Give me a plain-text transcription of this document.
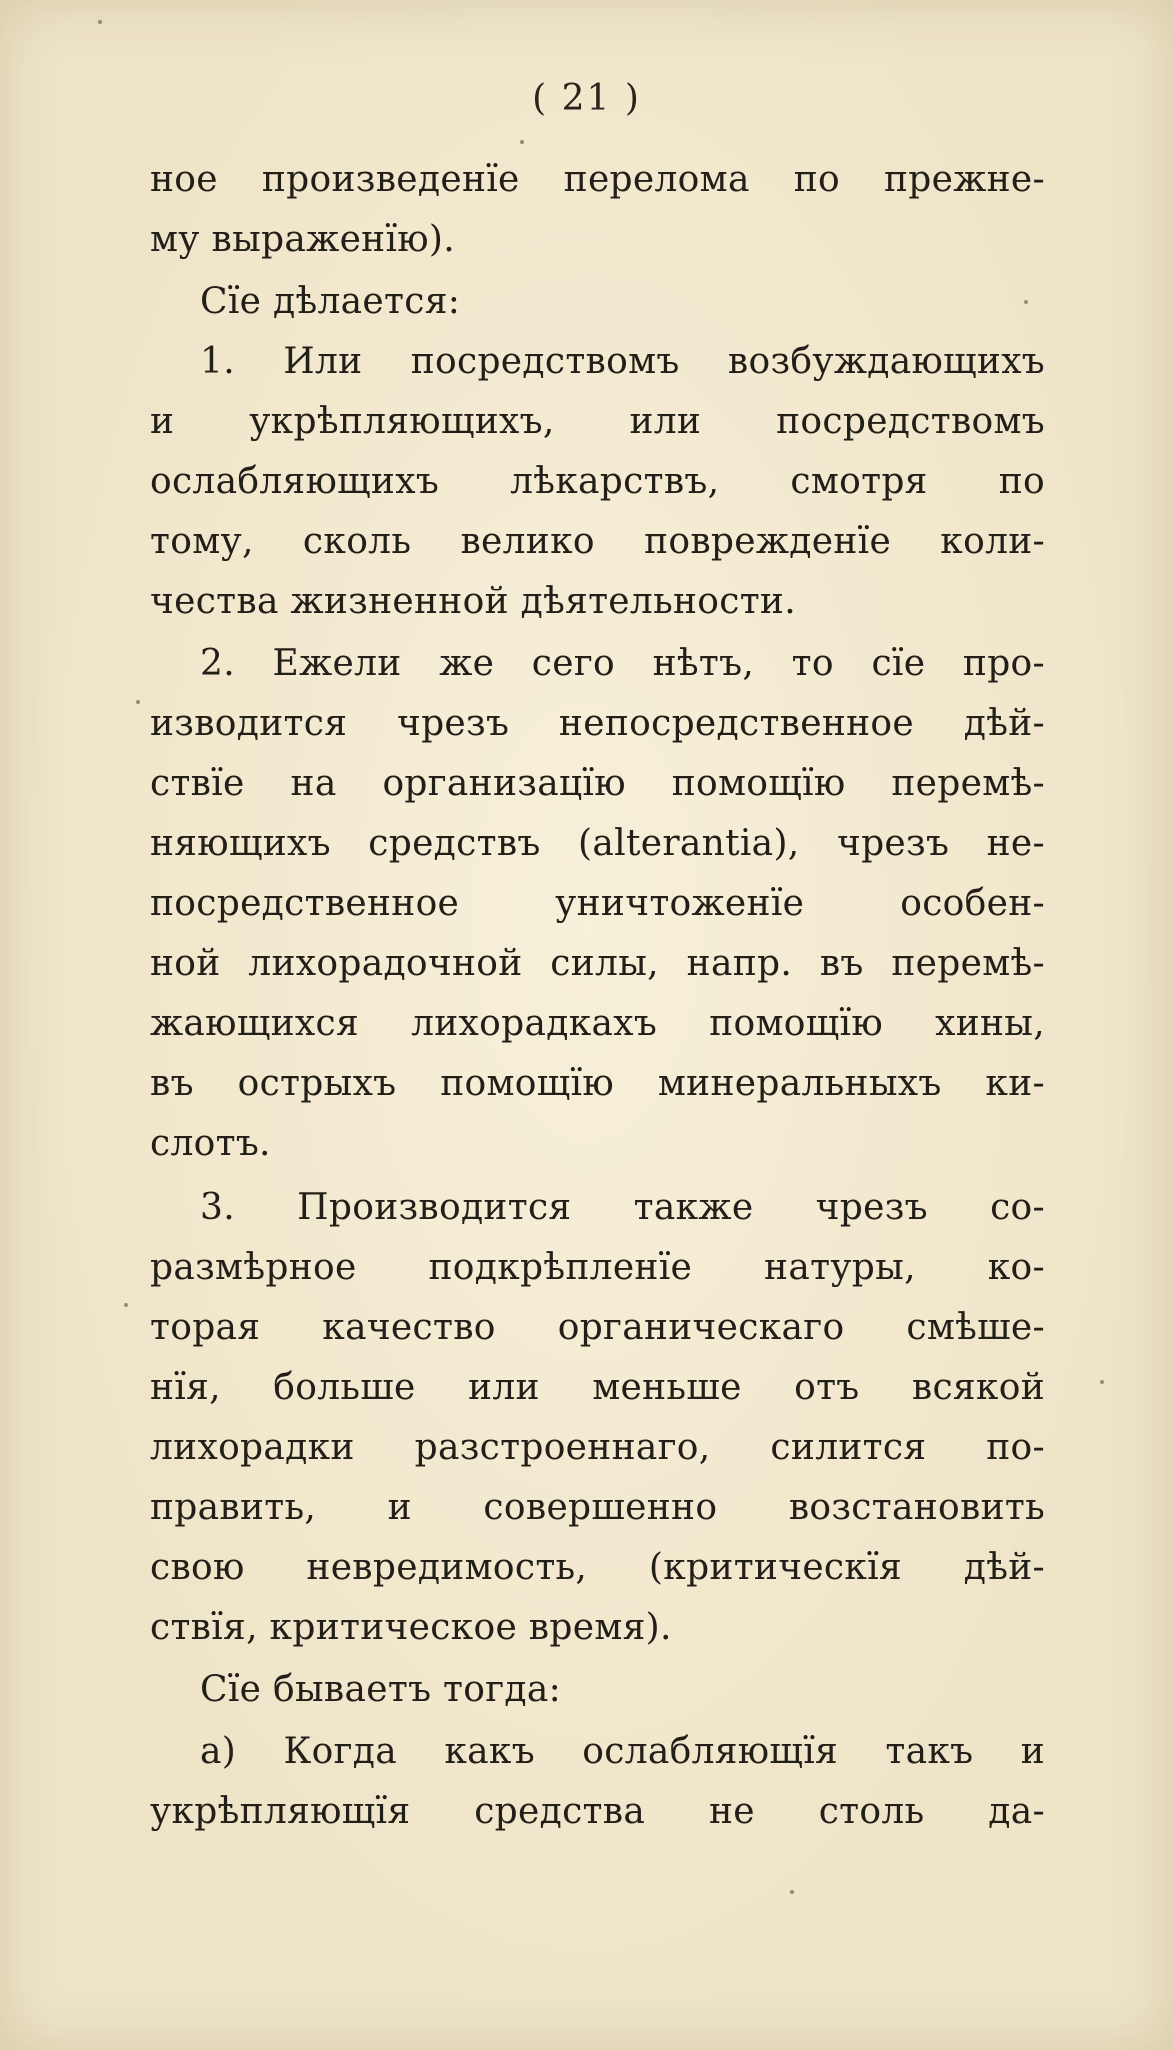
( 21 )
ное произведенїе перелома по прежне-
му выраженїю).
Сїе дѣлается:
1. Или посредствомъ возбуждающихъ
и укрѣпляющихъ, или посредствомъ
ослабляющихъ лѣкарствъ, смотря по
тому, сколь велико поврежденїе коли-
чества жизненной дѣятельности.
2. Ежели же сего нѣтъ, то сїе про-
изводится чрезъ непосредственное дѣй-
ствїе на организацїю помощїю перемѣ-
няющихъ средствъ (alterantia), чрезъ не-
посредственное уничтоженїе особен-
ной лихорадочной силы, напр. въ перемѣ-
жающихся лихорадкахъ помощїю хины,
въ острыхъ помощїю минеральныхъ ки-
слотъ.
3. Производится также чрезъ со-
размѣрное подкрѣпленїе натуры, ко-
торая качество органическаго смѣше-
нїя, больше или меньше отъ всякой
лихорадки разстроеннаго, силится по-
править, и совершенно возстановить
свою невредимость, (критическїя дѣй-
ствїя, критическое время).
Сїе бываетъ тогда:
a) Когда какъ ослабляющїя такъ и
укрѣпляющїя средства не столь да-
